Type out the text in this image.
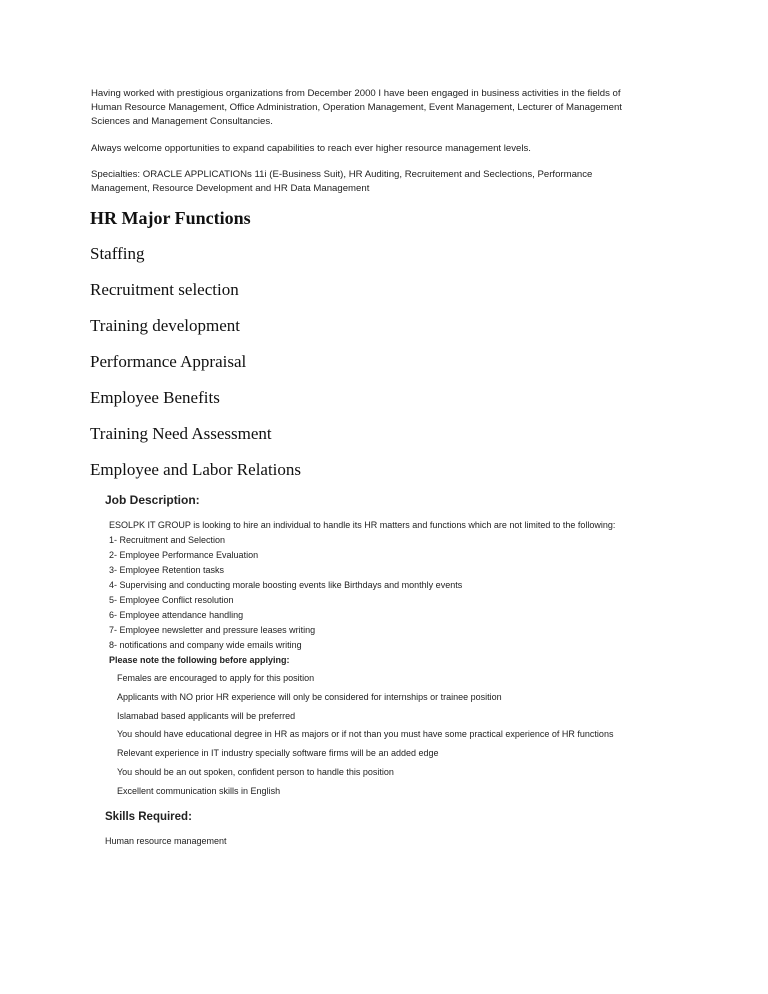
Having worked with prestigious organizations from December 2000 I have been engaged in business activities in the fields of Human Resource Management, Office Administration, Operation Management, Event Management, Lecturer of Management Sciences and Management Consultancies.

Always welcome opportunities to expand capabilities to reach ever higher resource management levels.

Specialties: ORACLE APPLICATIONs 11i (E-Business Suit), HR Auditing, Recruitement and Seclections, Performance Management, Resource Development and HR Data Management

HR Major Functions
Staffing
Recruitment selection
Training development
Performance Appraisal
Employee Benefits
Training Need Assessment
Employee and Labor Relations
Job Description:
ESOLPK IT GROUP is looking to hire an individual to handle its HR matters and functions which are not limited to the following:
1- Recruitment and Selection
2- Employee Performance Evaluation
3- Employee Retention tasks
4- Supervising and conducting morale boosting events like Birthdays and monthly events
5- Employee Conflict resolution
6- Employee attendance handling
7- Employee newsletter and pressure leases writing
8- notifications and company wide emails writing
Please note the following before applying:
Females are encouraged to apply for this position
Applicants with NO prior HR experience will only be considered for internships or trainee position
Islamabad based applicants will be preferred
You should have educational degree in HR as majors or if not than you must have some practical experience of HR functions
Relevant experience in IT industry specially software firms will be an added edge
You should be an out spoken, confident person to handle this position
Excellent communication skills in English
Skills Required:
Human resource management
